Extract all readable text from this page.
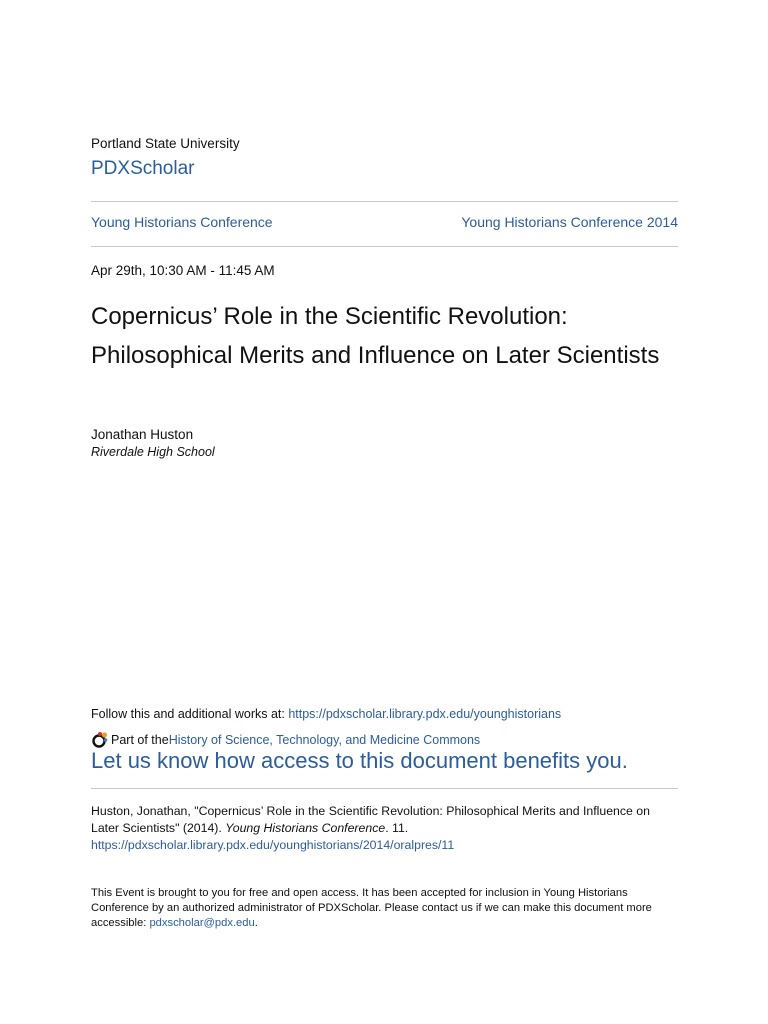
Portland State University
PDXScholar
Young Historians Conference	Young Historians Conference 2014
Apr 29th, 10:30 AM - 11:45 AM
Copernicus’ Role in the Scientific Revolution: Philosophical Merits and Influence on Later Scientists
Jonathan Huston
Riverdale High School
Follow this and additional works at: https://pdxscholar.library.pdx.edu/younghistorians
Part of the History of Science, Technology, and Medicine Commons
Let us know how access to this document benefits you.
Huston, Jonathan, "Copernicus’ Role in the Scientific Revolution: Philosophical Merits and Influence on Later Scientists" (2014). Young Historians Conference. 11.
https://pdxscholar.library.pdx.edu/younghistorians/2014/oralpres/11
This Event is brought to you for free and open access. It has been accepted for inclusion in Young Historians Conference by an authorized administrator of PDXScholar. Please contact us if we can make this document more accessible: pdxscholar@pdx.edu.
